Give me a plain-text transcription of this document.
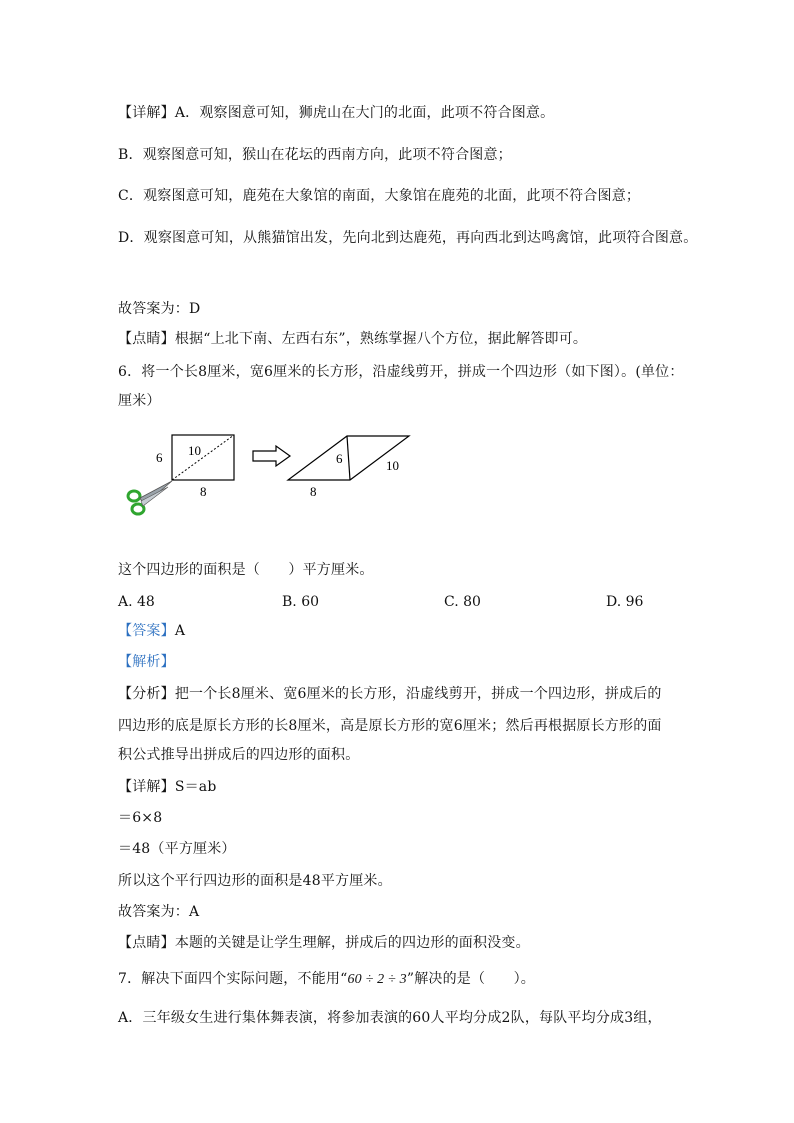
【详解】A．观察图意可知，狮虎山在大门的北面，此项不符合图意。
B．观察图意可知，猴山在花坛的西南方向，此项不符合图意；
C．观察图意可知，鹿苑在大象馆的南面，大象馆在鹿苑的北面，此项不符合图意；
D．观察图意可知，从熊猫馆出发，先向北到达鹿苑，再向西北到达鸣禽馆，此项符合图意。
故答案为：D
【点睛】根据“上北下南、左西右东”，熟练掌握八个方位，据此解答即可。
6．将一个长8厘米，宽6厘米的长方形，沿虚线剪开，拼成一个四边形（如下图）。(单位：
厘米）
6 10
8
6	10
8
这个四边形的面积是（　　）平方厘米。
A. 48	B. 60	C. 80	D. 96
【答案】A
【解析】
【分析】把一个长8厘米、宽6厘米的长方形，沿虚线剪开，拼成一个四边形，拼成后的
四边形的底是原长方形的长8厘米，高是原长方形的宽6厘米；然后再根据原长方形的面
积公式推导出拼成后的四边形的面积。
【详解】S＝ab
＝6×8
＝48（平方厘米）
所以这个平行四边形的面积是48平方厘米。
故答案为：A
【点睛】本题的关键是让学生理解，拼成后的四边形的面积没变。
7．解决下面四个实际问题，不能用“60 ÷ 2 ÷ 3”解决的是（　　）。
A．三年级女生进行集体舞表演，将参加表演的60人平均分成2队，每队平均分成3组，
